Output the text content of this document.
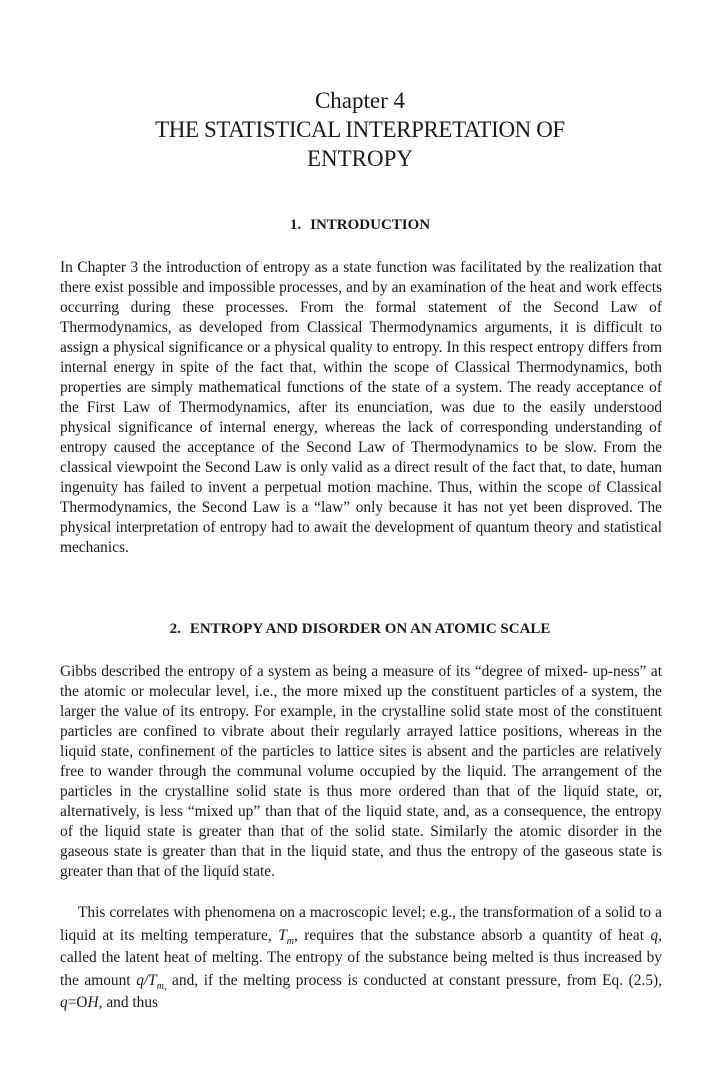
Chapter 4
THE STATISTICAL INTERPRETATION OF
ENTROPY
1. INTRODUCTION

In Chapter 3 the introduction of entropy as a state function was facilitated by the realization that there exist possible and impossible processes, and by an examination of the heat and work effects occurring during these processes. From the formal statement of the Second Law of Thermodynamics, as developed from Classical Thermodynamics arguments, it is difficult to assign a physical significance or a physical quality to entropy. In this respect entropy differs from internal energy in spite of the fact that, within the scope of Classical Thermodynamics, both properties are simply mathematical functions of the state of a system. The ready acceptance of the First Law of Thermodynamics, after its enunciation, was due to the easily understood physical significance of internal energy, whereas the lack of corresponding understanding of entropy caused the acceptance of the Second Law of Thermodynamics to be slow. From the classical viewpoint the Second Law is only valid as a direct result of the fact that, to date, human ingenuity has failed to invent a perpetual motion machine. Thus, within the scope of Classical Thermodynamics, the Second Law is a “law” only because it has not yet been disproved. The physical interpretation of entropy had to await the development of quantum theory and statistical mechanics.

2. ENTROPY AND DISORDER ON AN ATOMIC SCALE

Gibbs described the entropy of a system as being a measure of its “degree of mixed- up-ness” at the atomic or molecular level, i.e., the more mixed up the constituent particles of a system, the larger the value of its entropy. For example, in the crystalline solid state most of the constituent particles are confined to vibrate about their regularly arrayed lattice positions, whereas in the liquid state, confinement of the particles to lattice sites is absent and the particles are relatively free to wander through the communal volume occupied by the liquid. The arrangement of the particles in the crystalline solid state is thus more ordered than that of the liquid state, or, alternatively, is less “mixed up” than that of the liquid state, and, as a consequence, the entropy of the liquid state is greater than that of the solid state. Similarly the atomic disorder in the gaseous state is greater than that in the liquid state, and thus the entropy of the gaseous state is greater than that of the liquid state.

This correlates with phenomena on a macroscopic level; e.g., the transformation of a solid to a liquid at its melting temperature, $T_m$, requires that the substance absorb a quantity of heat q, called the latent heat of melting. The entropy of the substance being melted is thus increased by the amount $q/T_{m,}$ and, if the melting process is conducted at constant pressure, from Eq. (2.5), q=OH, and thus
